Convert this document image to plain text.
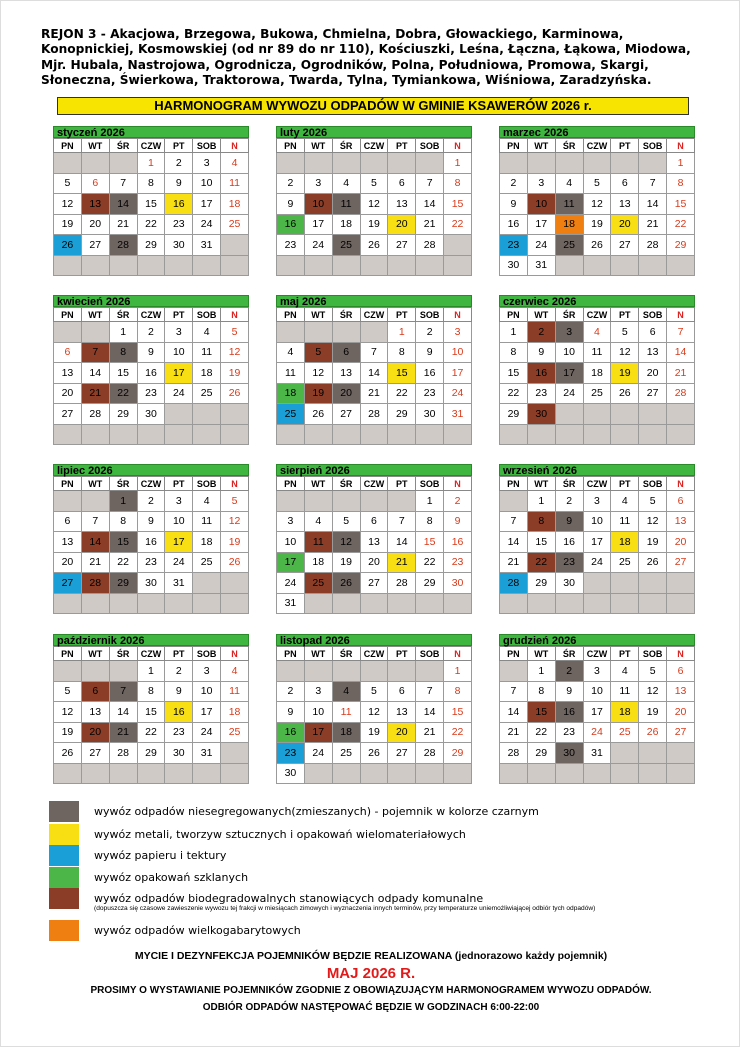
REJON 3 - Akacjowa, Brzegowa, Bukowa, Chmielna, Dobra, Głowackiego, Karminowa,
Konopnickiej, Kosmowskiej (od nr 89 do nr 110), Kościuszki, Leśna, Łączna, Łąkowa, Miodowa,
Mjr. Hubala, Nastrojowa, Ogrodnicza, Ogrodników, Polna, Południowa, Promowa, Skargi,
Słoneczna, Świerkowa, Traktorowa, Twarda, Tylna, Tymiankowa, Wiśniowa, Zaradzyńska.
HARMONOGRAM WYWOZU ODPADÓW W GMINIE KSAWERÓW 2026 r.
styczeń 2026
PN	WT	ŚR	CZW	PT	SOB	N
			1	2	3	4
5	6	7	8	9	10	11
12	13	14	15	16	17	18
19	20	21	22	23	24	25
26	27	28	29	30	31	

luty 2026
PN	WT	ŚR	CZW	PT	SOB	N
						1
2	3	4	5	6	7	8
9	10	11	12	13	14	15
16	17	18	19	20	21	22
23	24	25	26	27	28	

marzec 2026
PN	WT	ŚR	CZW	PT	SOB	N
						1
2	3	4	5	6	7	8
9	10	11	12	13	14	15
16	17	18	19	20	21	22
23	24	25	26	27	28	29
30	31					
kwiecień 2026
PN	WT	ŚR	CZW	PT	SOB	N
		1	2	3	4	5
6	7	8	9	10	11	12
13	14	15	16	17	18	19
20	21	22	23	24	25	26
27	28	29	30			

maj 2026
PN	WT	ŚR	CZW	PT	SOB	N
				1	2	3
4	5	6	7	8	9	10
11	12	13	14	15	16	17
18	19	20	21	22	23	24
25	26	27	28	29	30	31

czerwiec 2026
PN	WT	ŚR	CZW	PT	SOB	N
1	2	3	4	5	6	7
8	9	10	11	12	13	14
15	16	17	18	19	20	21
22	23	24	25	26	27	28
29	30					

lipiec 2026
PN	WT	ŚR	CZW	PT	SOB	N
		1	2	3	4	5
6	7	8	9	10	11	12
13	14	15	16	17	18	19
20	21	22	23	24	25	26
27	28	29	30	31		

sierpień 2026
PN	WT	ŚR	CZW	PT	SOB	N
					1	2
3	4	5	6	7	8	9
10	11	12	13	14	15	16
17	18	19	20	21	22	23
24	25	26	27	28	29	30
31						
wrzesień 2026
PN	WT	ŚR	CZW	PT	SOB	N
	1	2	3	4	5	6
7	8	9	10	11	12	13
14	15	16	17	18	19	20
21	22	23	24	25	26	27
28	29	30				

październik 2026
PN	WT	ŚR	CZW	PT	SOB	N
			1	2	3	4
5	6	7	8	9	10	11
12	13	14	15	16	17	18
19	20	21	22	23	24	25
26	27	28	29	30	31	

listopad 2026
PN	WT	ŚR	CZW	PT	SOB	N
						1
2	3	4	5	6	7	8
9	10	11	12	13	14	15
16	17	18	19	20	21	22
23	24	25	26	27	28	29
30						
grudzień 2026
PN	WT	ŚR	CZW	PT	SOB	N
	1	2	3	4	5	6
7	8	9	10	11	12	13
14	15	16	17	18	19	20
21	22	23	24	25	26	27
28	29	30	31			

wywóz odpadów niesegregowanych(zmieszanych) - pojemnik w kolorze czarnym
wywóz metali, tworzyw sztucznych i opakowań wielomateriałowych
wywóz papieru i tektury
wywóz opakowań szklanych
wywóz odpadów biodegradowalnych stanowiących odpady komunalne
(dopuszcza się czasowe zawieszenie wywozu tej frakcji w miesiącach zimowych i wyznaczenia innych terminów, przy temperaturze uniemożliwiającej odbiór tych odpadów)
wywóz odpadów wielkogabarytowych
MYCIE I DEZYNFEKCJA POJEMNIKÓW BĘDZIE REALIZOWANA (jednorazowo każdy pojemnik)
MAJ 2026 R.
PROSIMY O WYSTAWIANIE POJEMNIKÓW ZGODNIE Z OBOWIĄZUJĄCYM HARMONOGRAMEM WYWOZU ODPADÓW.
ODBIÓR ODPADÓW NASTĘPOWAĆ BĘDZIE W GODZINACH 6:00-22:00
